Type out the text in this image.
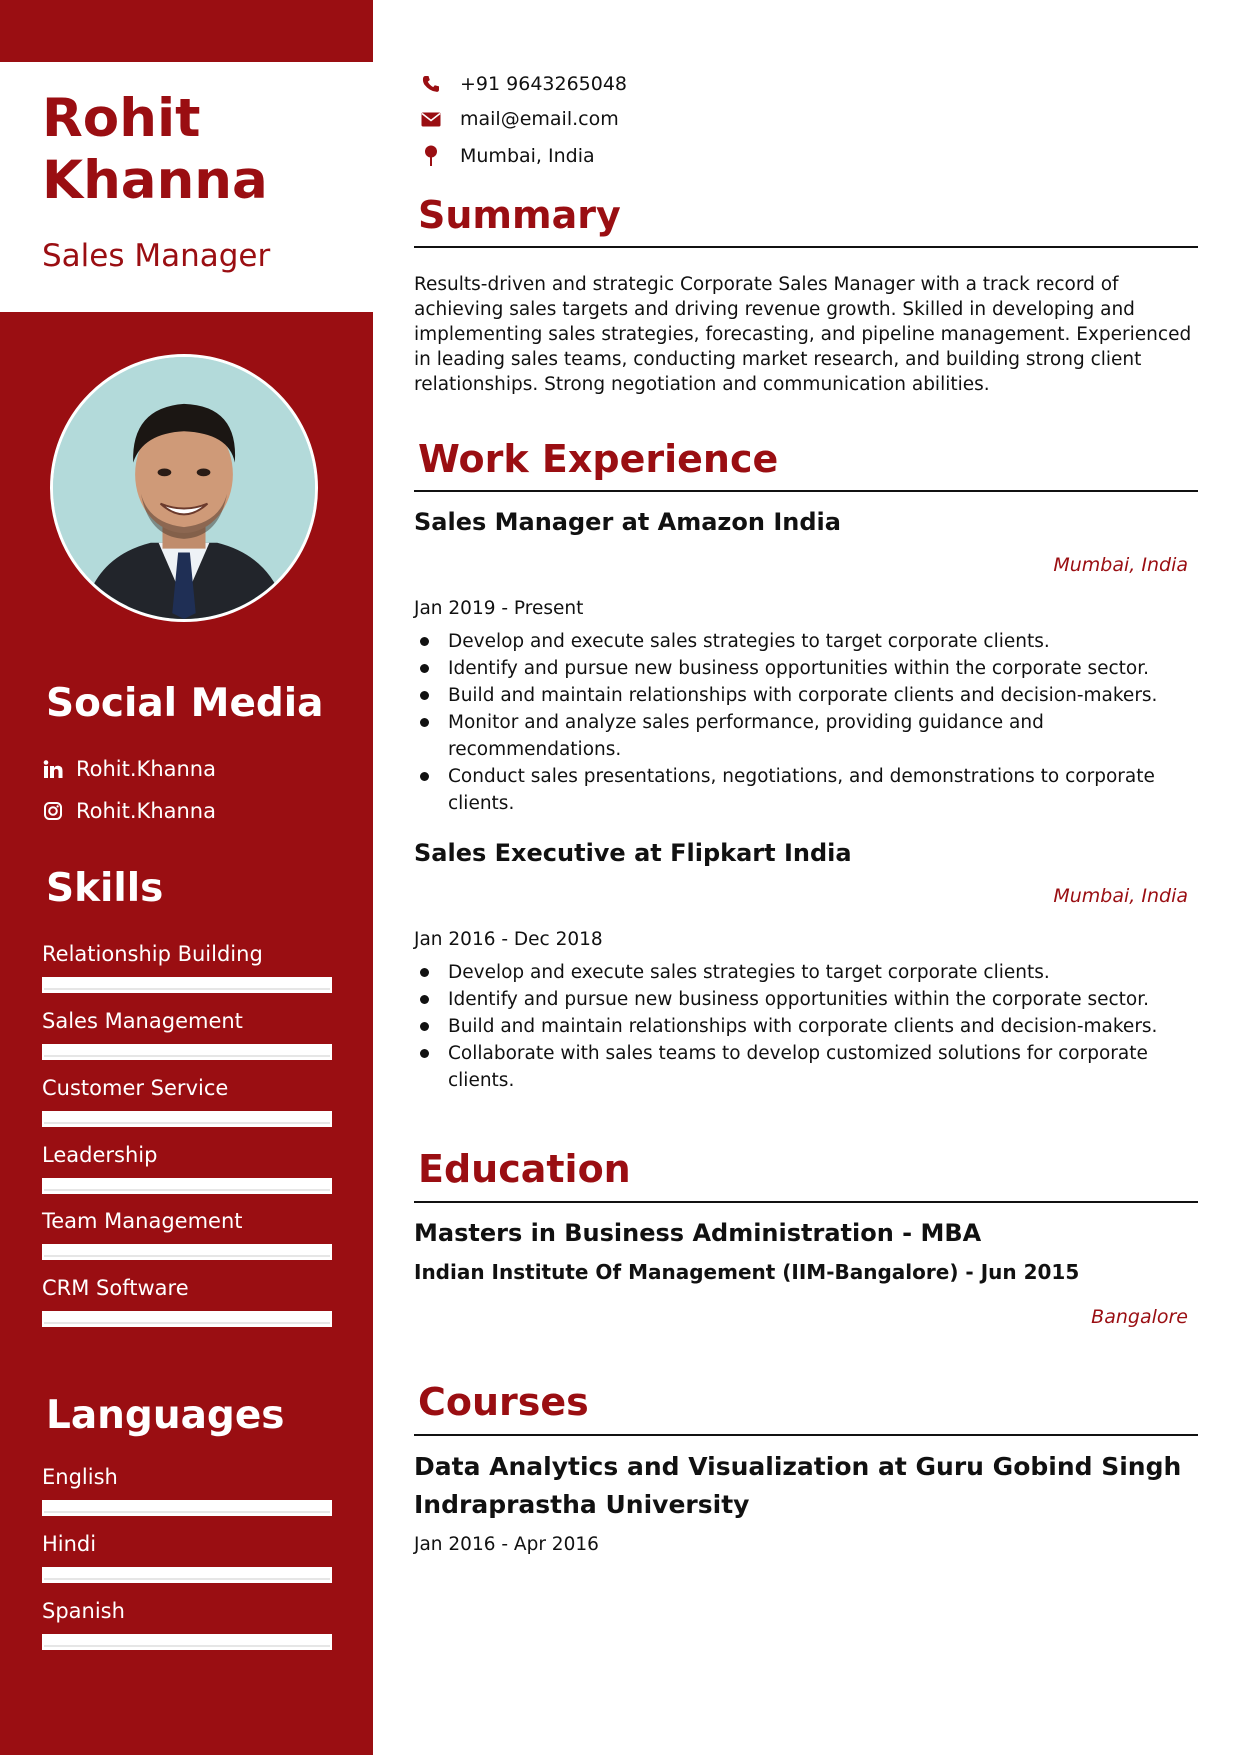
Rohit Khanna
Sales Manager
Social Media
Rohit.Khanna
Rohit.Khanna
Skills
Relationship Building
Sales Management
Customer Service
Leadership
Team Management
CRM Software
Languages
English
Hindi
Spanish
+91 9643265048
mail@email.com
Mumbai, India
Summary

Results-driven and strategic Corporate Sales Manager with a track record of achieving sales targets and driving revenue growth. Skilled in developing and implementing sales strategies, forecasting, and pipeline management. Experienced in leading sales teams, conducting market research, and building strong client relationships. Strong negotiation and communication abilities.

Work Experience
Sales Manager at Amazon India
Mumbai, India
Jan 2019 - Present
Develop and execute sales strategies to target corporate clients.
Identify and pursue new business opportunities within the corporate sector.
Build and maintain relationships with corporate clients and decision-makers.
Monitor and analyze sales performance, providing guidance and recommendations.
Conduct sales presentations, negotiations, and demonstrations to corporate clients.
Sales Executive at Flipkart India
Mumbai, India
Jan 2016 - Dec 2018
Develop and execute sales strategies to target corporate clients.
Identify and pursue new business opportunities within the corporate sector.
Build and maintain relationships with corporate clients and decision-makers.
Collaborate with sales teams to develop customized solutions for corporate clients.
Education
Masters in Business Administration - MBA
Indian Institute Of Management (IIM-Bangalore) - Jun 2015
Bangalore
Courses
Data Analytics and Visualization at Guru Gobind Singh Indraprastha University
Jan 2016 - Apr 2016
